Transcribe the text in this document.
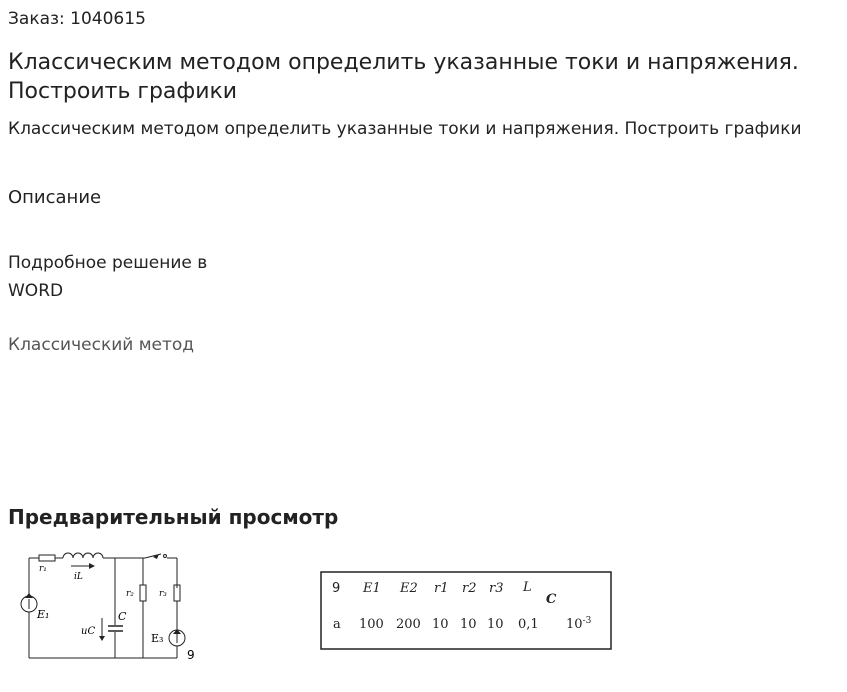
Заказ: 1040615
Классическим методом определить указанные токи и напряжения. Построить графики
Классическим методом определить указанные токи и напряжения. Построить графики
Описание
Подробное решение в WORD
Классический метод
Предварительный просмотр
r₁
iL
E₁	C
uC
r₂	r₃
E₃
9
9 E1 E2 r1 r2 r3 L
C
a 100 200 10 10 10 0,1 $10^{-3}$
